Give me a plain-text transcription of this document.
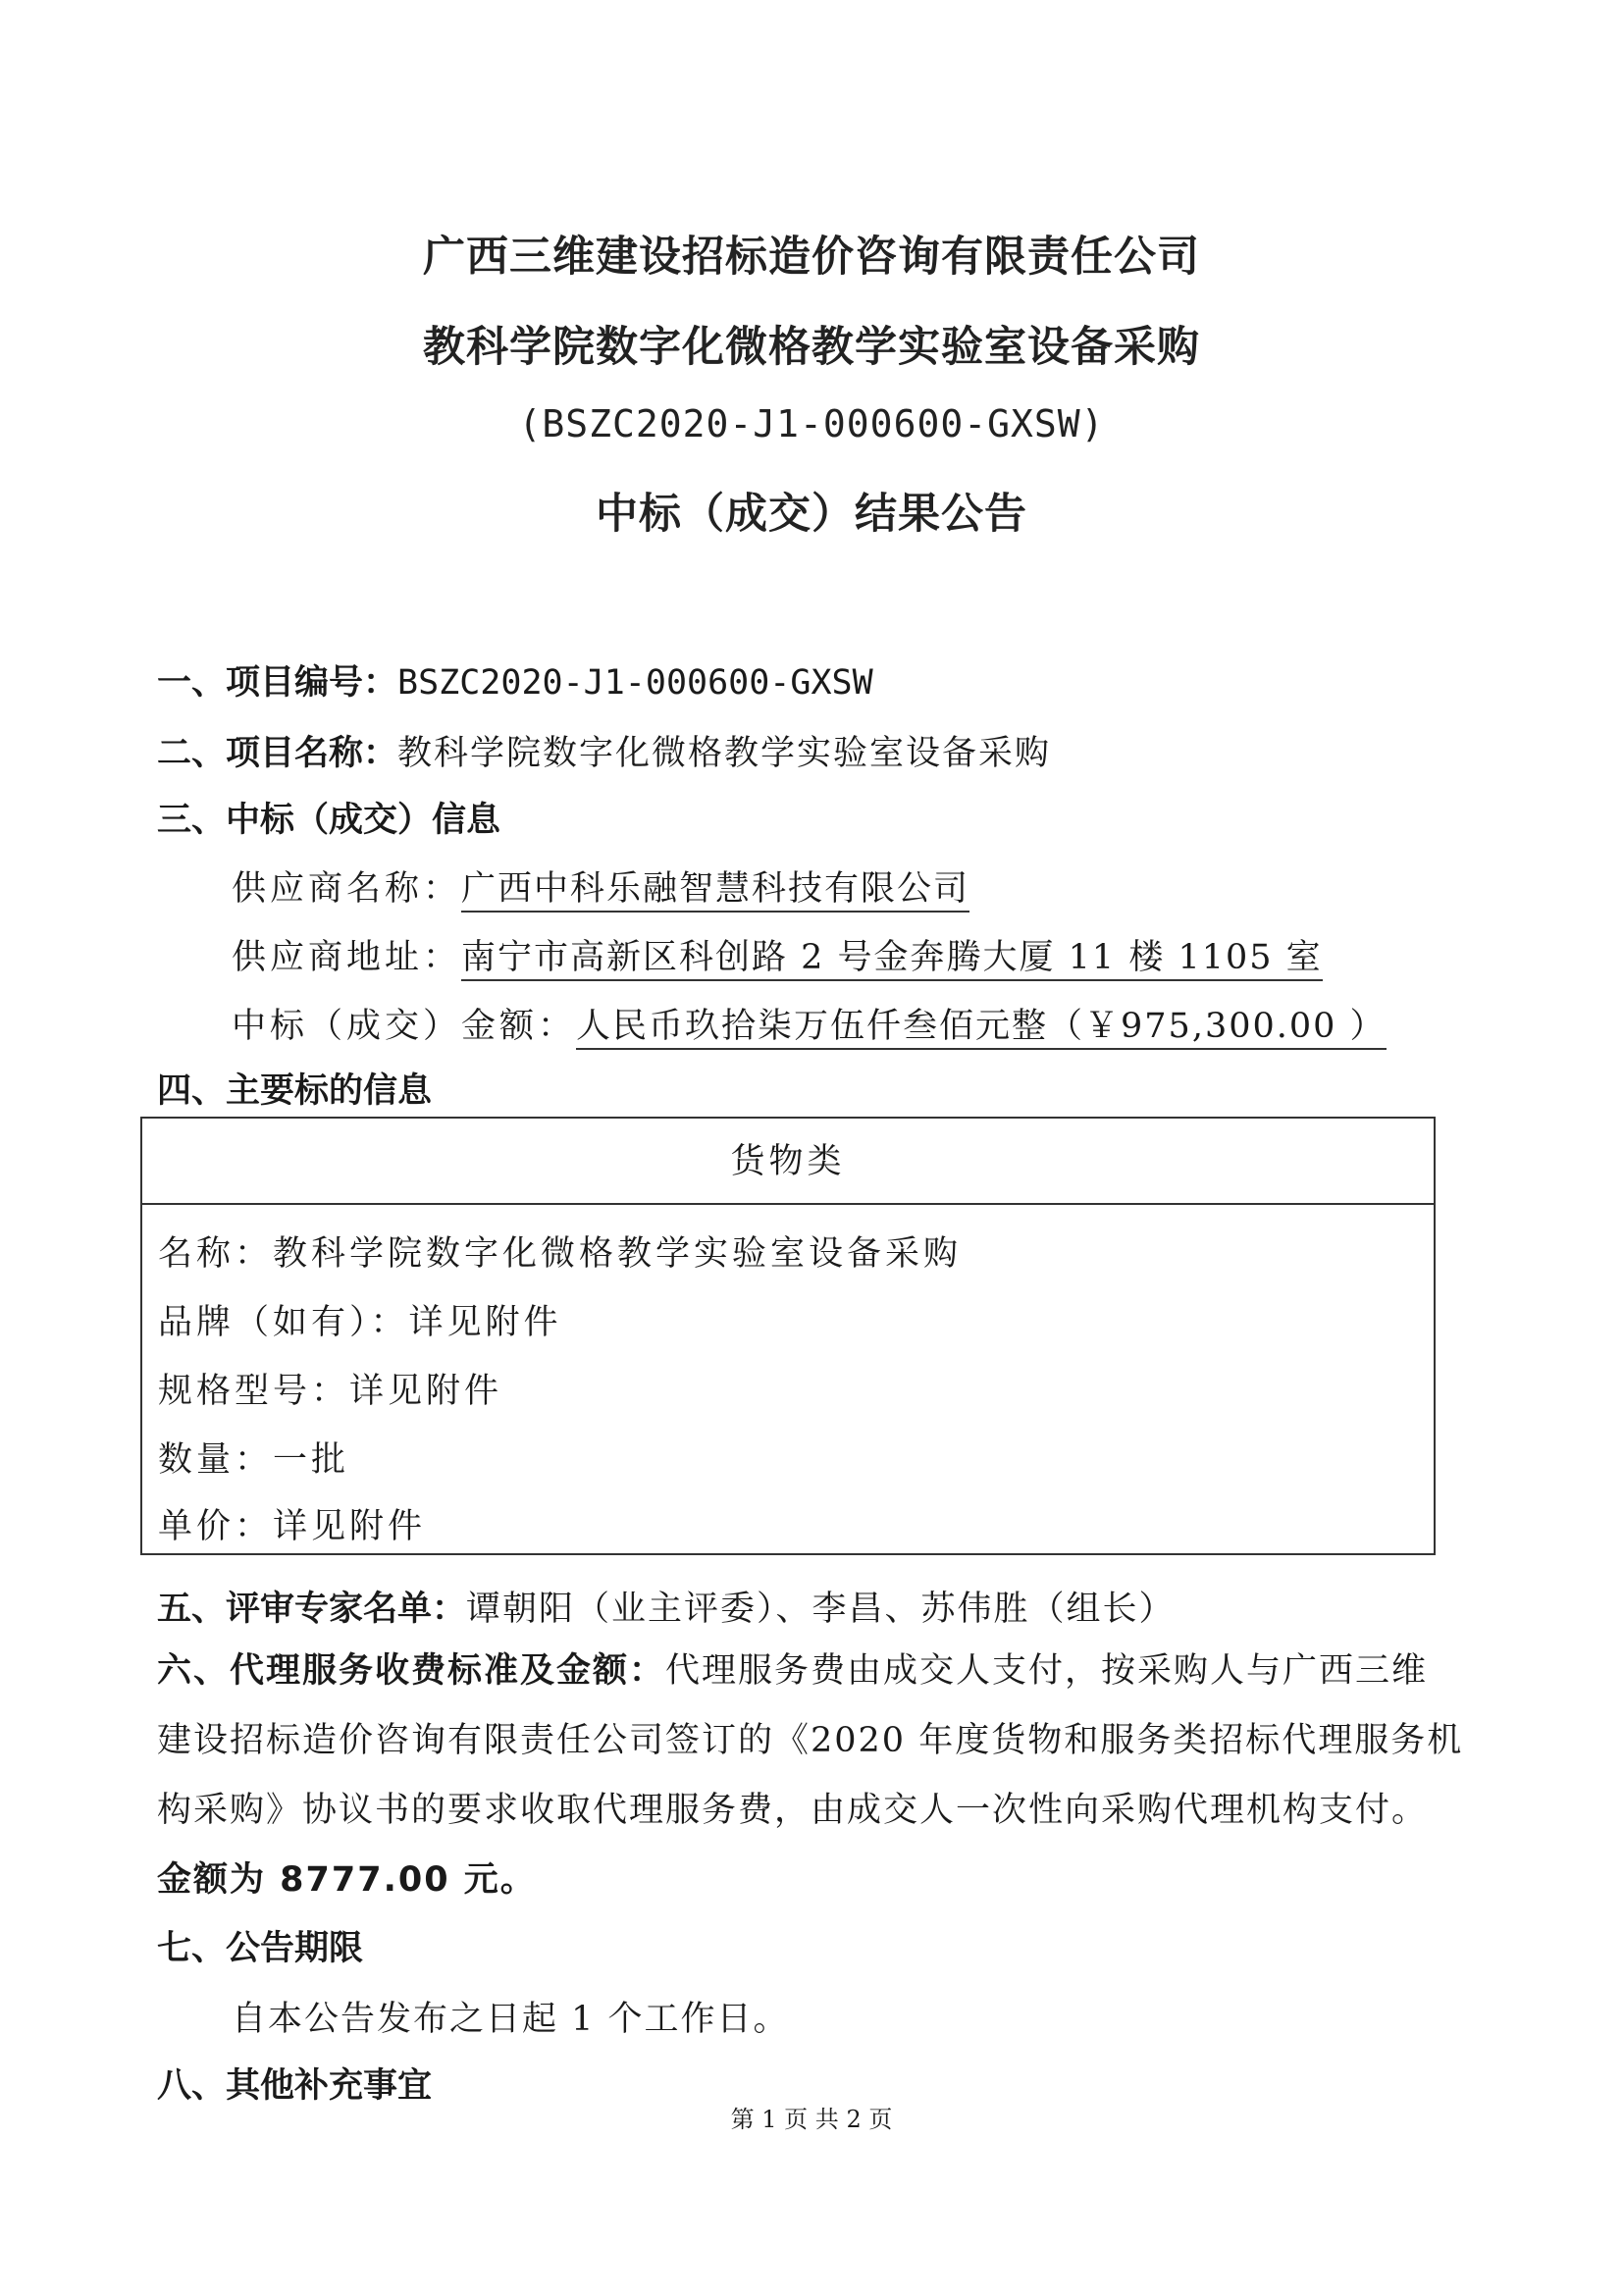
广西三维建设招标造价咨询有限责任公司
教科学院数字化微格教学实验室设备采购
(BSZC2020-J1-000600-GXSW)
中标（成交）结果公告
一、项目编号：BSZC2020-J1-000600-GXSW
二、项目名称：教科学院数字化微格教学实验室设备采购
三、中标（成交）信息
供应商名称：广西中科乐融智慧科技有限公司
供应商地址：南宁市高新区科创路 2 号金奔腾大厦 11 楼 1105 室
中标（成交）金额：人民币玖拾柒万伍仟叁佰元整（￥975,300.00 ）
四、主要标的信息
货物类
名称：教科学院数字化微格教学实验室设备采购
品牌（如有）：详见附件
规格型号：详见附件
数量：一批
单价：详见附件
五、评审专家名单：谭朝阳（业主评委）、李昌、苏伟胜（组长）
六、代理服务收费标准及金额：代理服务费由成交人支付，按采购人与广西三维
建设招标造价咨询有限责任公司签订的《2020 年度货物和服务类招标代理服务机
构采购》协议书的要求收取代理服务费，由成交人一次性向采购代理机构支付。
金额为 8777.00 元。
七、公告期限
自本公告发布之日起 1 个工作日。
八、其他补充事宜
第 1 页 共 2 页
